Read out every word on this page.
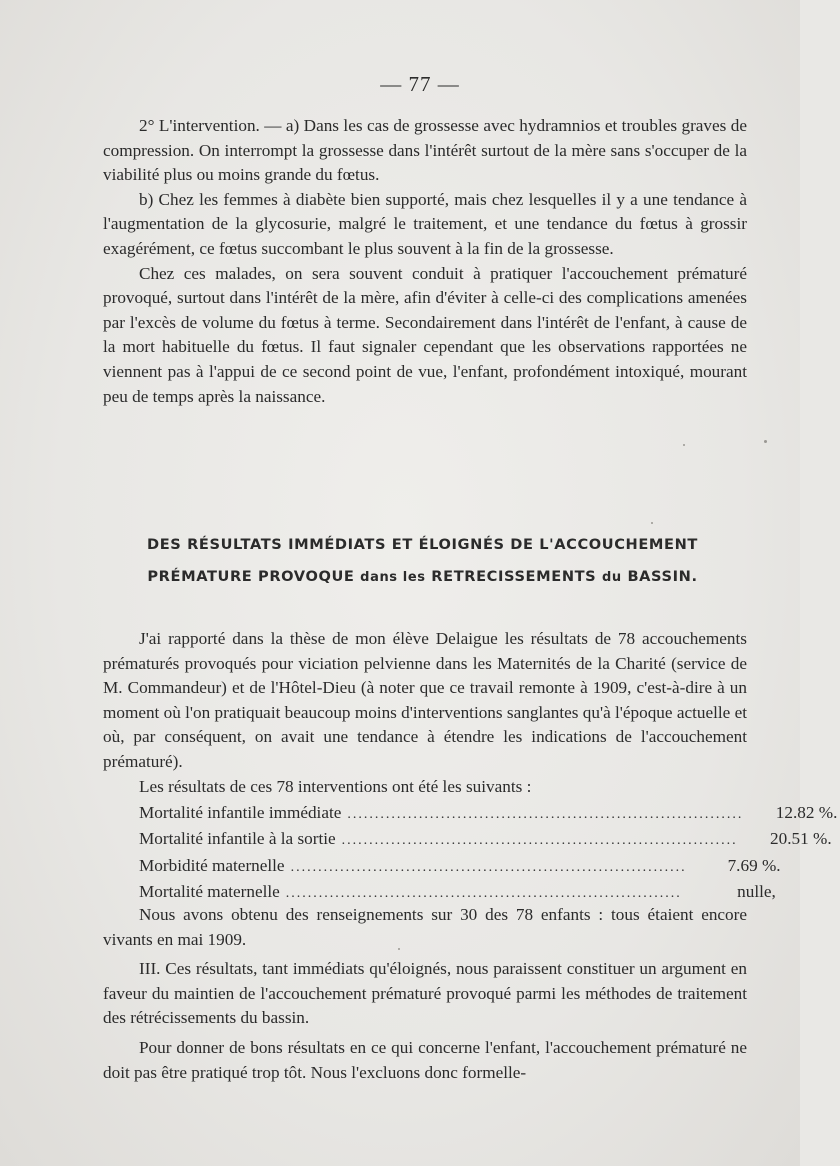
— 77 —

2° L'intervention. — a) Dans les cas de grossesse avec hydramnios et troubles graves de compression. On interrompt la grossesse dans l'intérêt surtout de la mère sans s'occuper de la viabilité plus ou moins grande du fœtus.

b) Chez les femmes à diabète bien supporté, mais chez lesquelles il y a une tendance à l'augmentation de la glycosurie, malgré le traitement, et une tendance du fœtus à grossir exagérément, ce fœtus succombant le plus souvent à la fin de la grossesse.

Chez ces malades, on sera souvent conduit à pratiquer l'accouchement prématuré provoqué, surtout dans l'intérêt de la mère, afin d'éviter à celle-ci des complications amenées par l'excès de volume du fœtus à terme. Secondairement dans l'intérêt de l'enfant, à cause de la mort habituelle du fœtus. Il faut signaler cependant que les observations rapportées ne viennent pas à l'appui de ce second point de vue, l'enfant, profondément intoxiqué, mourant peu de temps après la naissance.

DES RÉSULTATS IMMÉDIATS ET ÉLOIGNÉS DE L'ACCOUCHEMENT
PRÉMATURE PROVOQUE dans les RETRECISSEMENTS du BASSIN.

J'ai rapporté dans la thèse de mon élève Delaigue les résultats de 78 accouchements prématurés provoqués pour viciation pelvienne dans les Maternités de la Charité (service de M. Commandeur) et de l'Hôtel-Dieu (à noter que ce travail remonte à 1909, c'est-à-dire à un moment où l'on pratiquait beaucoup moins d'interventions sanglantes qu'à l'époque actuelle et où, par conséquent, on avait une tendance à étendre les indications de l'accouchement prématuré).

Les résultats de ces 78 interventions ont été les suivants :

Mortalité infantile immédiate ........................................................................	12.82 %.
Mortalité infantile à la sortie ........................................................................	20.51 %.
Morbidité maternelle ........................................................................	7.69 %.
Mortalité maternelle ........................................................................	nulle,

Nous avons obtenu des renseignements sur 30 des 78 enfants : tous étaient encore vivants en mai 1909.

III. Ces résultats, tant immédiats qu'éloignés, nous paraissent constituer un argument en faveur du maintien de l'accouchement prématuré provoqué parmi les méthodes de traitement des rétrécissements du bassin.

Pour donner de bons résultats en ce qui concerne l'enfant, l'accouchement prématuré ne doit pas être pratiqué trop tôt. Nous l'excluons donc formelle-
